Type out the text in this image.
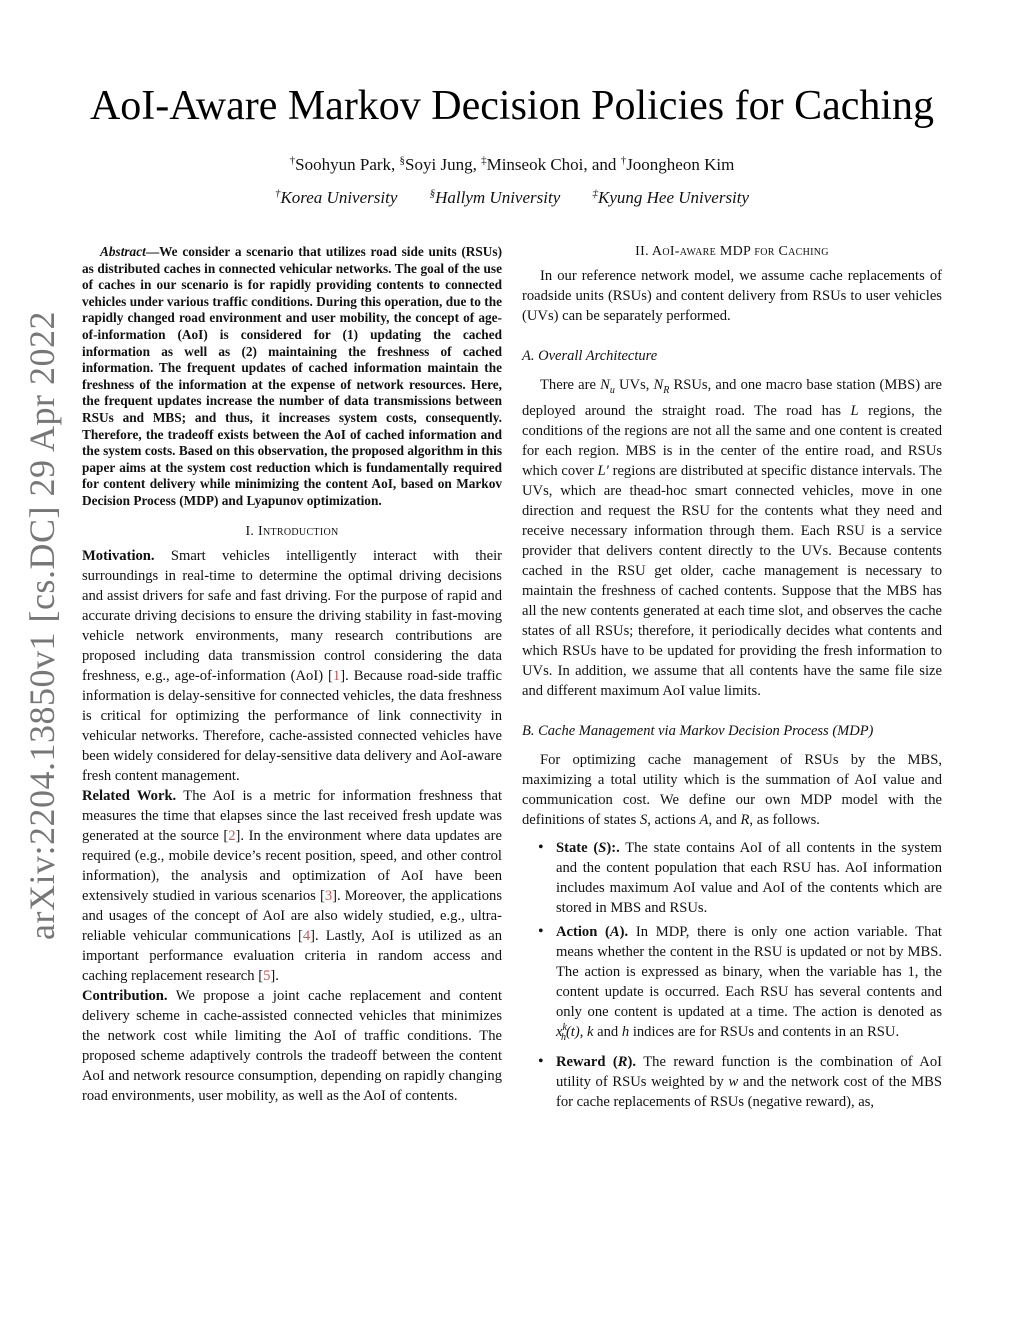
arXiv:2204.13850v1 [cs.DC] 29 Apr 2022
AoI-Aware Markov Decision Policies for Caching
†Soohyun Park, §Soyi Jung, ‡Minseok Choi, and †Joongheon Kim
†Korea University	§Hallym University	‡Kyung Hee University

Abstract—We consider a scenario that utilizes road side units (RSUs) as distributed caches in connected vehicular networks. The goal of the use of caches in our scenario is for rapidly providing contents to connected vehicles under various traffic conditions. During this operation, due to the rapidly changed road environment and user mobility, the concept of age-of-information (AoI) is considered for (1) updating the cached information as well as (2) maintaining the freshness of cached information. The frequent updates of cached information maintain the freshness of the information at the expense of network resources. Here, the frequent updates increase the number of data transmissions between RSUs and MBS; and thus, it increases system costs, consequently. Therefore, the tradeoff exists between the AoI of cached information and the system costs. Based on this observation, the proposed algorithm in this paper aims at the system cost reduction which is fundamentally required for content delivery while minimizing the content AoI, based on Markov Decision Process (MDP) and Lyapunov optimization.

I. Introduction

Motivation. Smart vehicles intelligently interact with their surroundings in real-time to determine the optimal driving decisions and assist drivers for safe and fast driving. For the purpose of rapid and accurate driving decisions to ensure the driving stability in fast-moving vehicle network environments, many research contributions are proposed including data transmission control considering the data freshness, e.g., age-of-information (AoI) [1]. Because road-side traffic information is delay-sensitive for connected vehicles, the data freshness is critical for optimizing the performance of link connectivity in vehicular networks. Therefore, cache-assisted connected vehicles have been widely considered for delay-sensitive data delivery and AoI-aware fresh content management.

Related Work. The AoI is a metric for information freshness that measures the time that elapses since the last received fresh update was generated at the source [2]. In the environment where data updates are required (e.g., mobile device’s recent position, speed, and other control information), the analysis and optimization of AoI have been extensively studied in various scenarios [3]. Moreover, the applications and usages of the concept of AoI are also widely studied, e.g., ultra-reliable vehicular communications [4]. Lastly, AoI is utilized as an important performance evaluation criteria in random access and caching replacement research [5].

Contribution. We propose a joint cache replacement and content delivery scheme in cache-assisted connected vehicles that minimizes the network cost while limiting the AoI of traffic conditions. The proposed scheme adaptively controls the tradeoff between the content AoI and network resource consumption, depending on rapidly changing road environments, user mobility, as well as the AoI of contents.

II. AoI-aware MDP for Caching

In our reference network model, we assume cache replacements of roadside units (RSUs) and content delivery from RSUs to user vehicles (UVs) can be separately performed.

A. Overall Architecture

There are $N_u$ UVs, $N_R$ RSUs, and one macro base station (MBS) are deployed around the straight road. The road has L regions, the conditions of the regions are not all the same and one content is created for each region. MBS is in the center of the entire road, and RSUs which cover L′ regions are distributed at specific distance intervals. The UVs, which are thead-hoc smart connected vehicles, move in one direction and request the RSU for the contents what they need and receive necessary information through them. Each RSU is a service provider that delivers content directly to the UVs. Because contents cached in the RSU get older, cache management is necessary to maintain the freshness of cached contents. Suppose that the MBS has all the new contents generated at each time slot, and observes the cache states of all RSUs; therefore, it periodically decides what contents and which RSUs have to be updated for providing the fresh information to UVs. In addition, we assume that all contents have the same file size and different maximum AoI value limits.

B. Cache Management via Markov Decision Process (MDP)

For optimizing cache management of RSUs by the MBS, maximizing a total utility which is the summation of AoI value and communication cost. We define our own MDP model with the definitions of states S, actions A, and R, as follows.

• State (S):. The state contains AoI of all contents in the system and the content population that each RSU has. AoI information includes maximum AoI value and AoI of the contents which are stored in MBS and RSUs.
• Action (A). In MDP, there is only one action variable. That means whether the content in the RSU is updated or not by MBS. The action is expressed as binary, when the variable has 1, the content update is occurred. Each RSU has several contents and only one content is updated at a time. The action is denoted as $x^k_h(t)$, k and h indices are for RSUs and contents in an RSU.
• Reward (R). The reward function is the combination of AoI utility of RSUs weighted by w and the network cost of the MBS for cache replacements of RSUs (negative reward), as,
